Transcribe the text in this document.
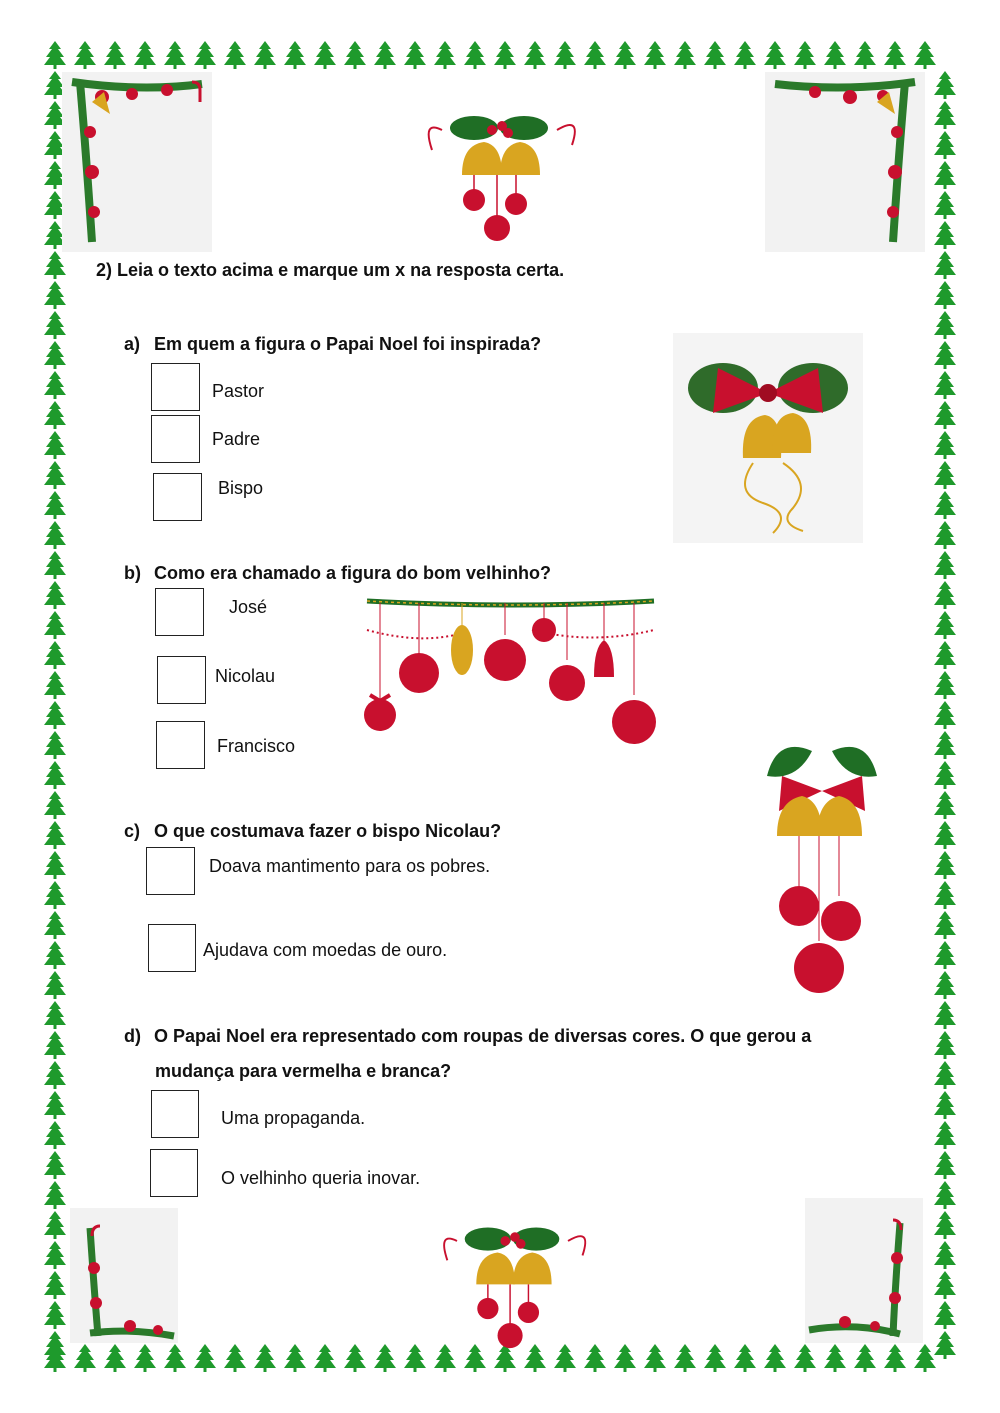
2) Leia o texto acima e marque um x na resposta certa.
a) Em quem a figura o Papai Noel foi inspirada?
Pastor
Padre
Bispo
b) Como era chamado a figura do bom velhinho?
José
Nicolau
Francisco
c) O que costumava fazer o bispo Nicolau?
Doava mantimento para os pobres.
Ajudava com moedas de ouro.
d) O Papai Noel era representado com roupas de diversas cores. O que gerou a
mudança para vermelha e branca?
Uma propaganda.
O velhinho queria inovar.
